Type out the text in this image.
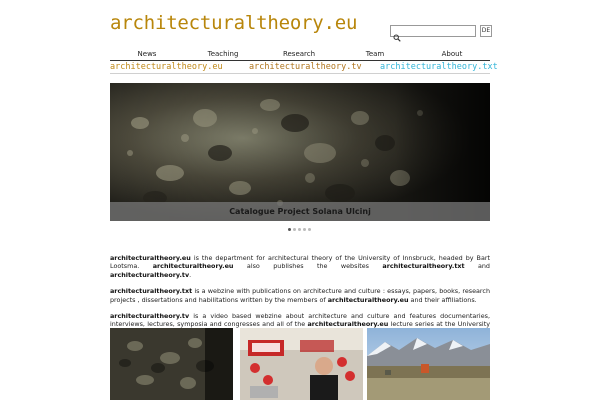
architecturaltheory.eu	DE
News	Teaching	Research	Team	About
architecturaltheory.eu	architecturaltheory.tv architecturaltheory.txt
Catalogue Project Solana Ulcinj

architecturaltheory.eu is the department for architectural theory of the University of Innsbruck, headed by Bart Lootsma. architecturaltheory.eu also publishes the websites architecturaltheory.txt and architecturaltheory.tv.

architecturaltheory.txt is a webzine with publications on architecture and culture : essays, papers, books, research projects , dissertations and habilitations written by the members of architecturaltheory.eu and their affiliations.

architecturaltheory.tv is a video based webzine about architecture and culture and features documentaries, interviews, lectures, symposia and congresses and all of the architecturaltheory.eu lecture series at the University
